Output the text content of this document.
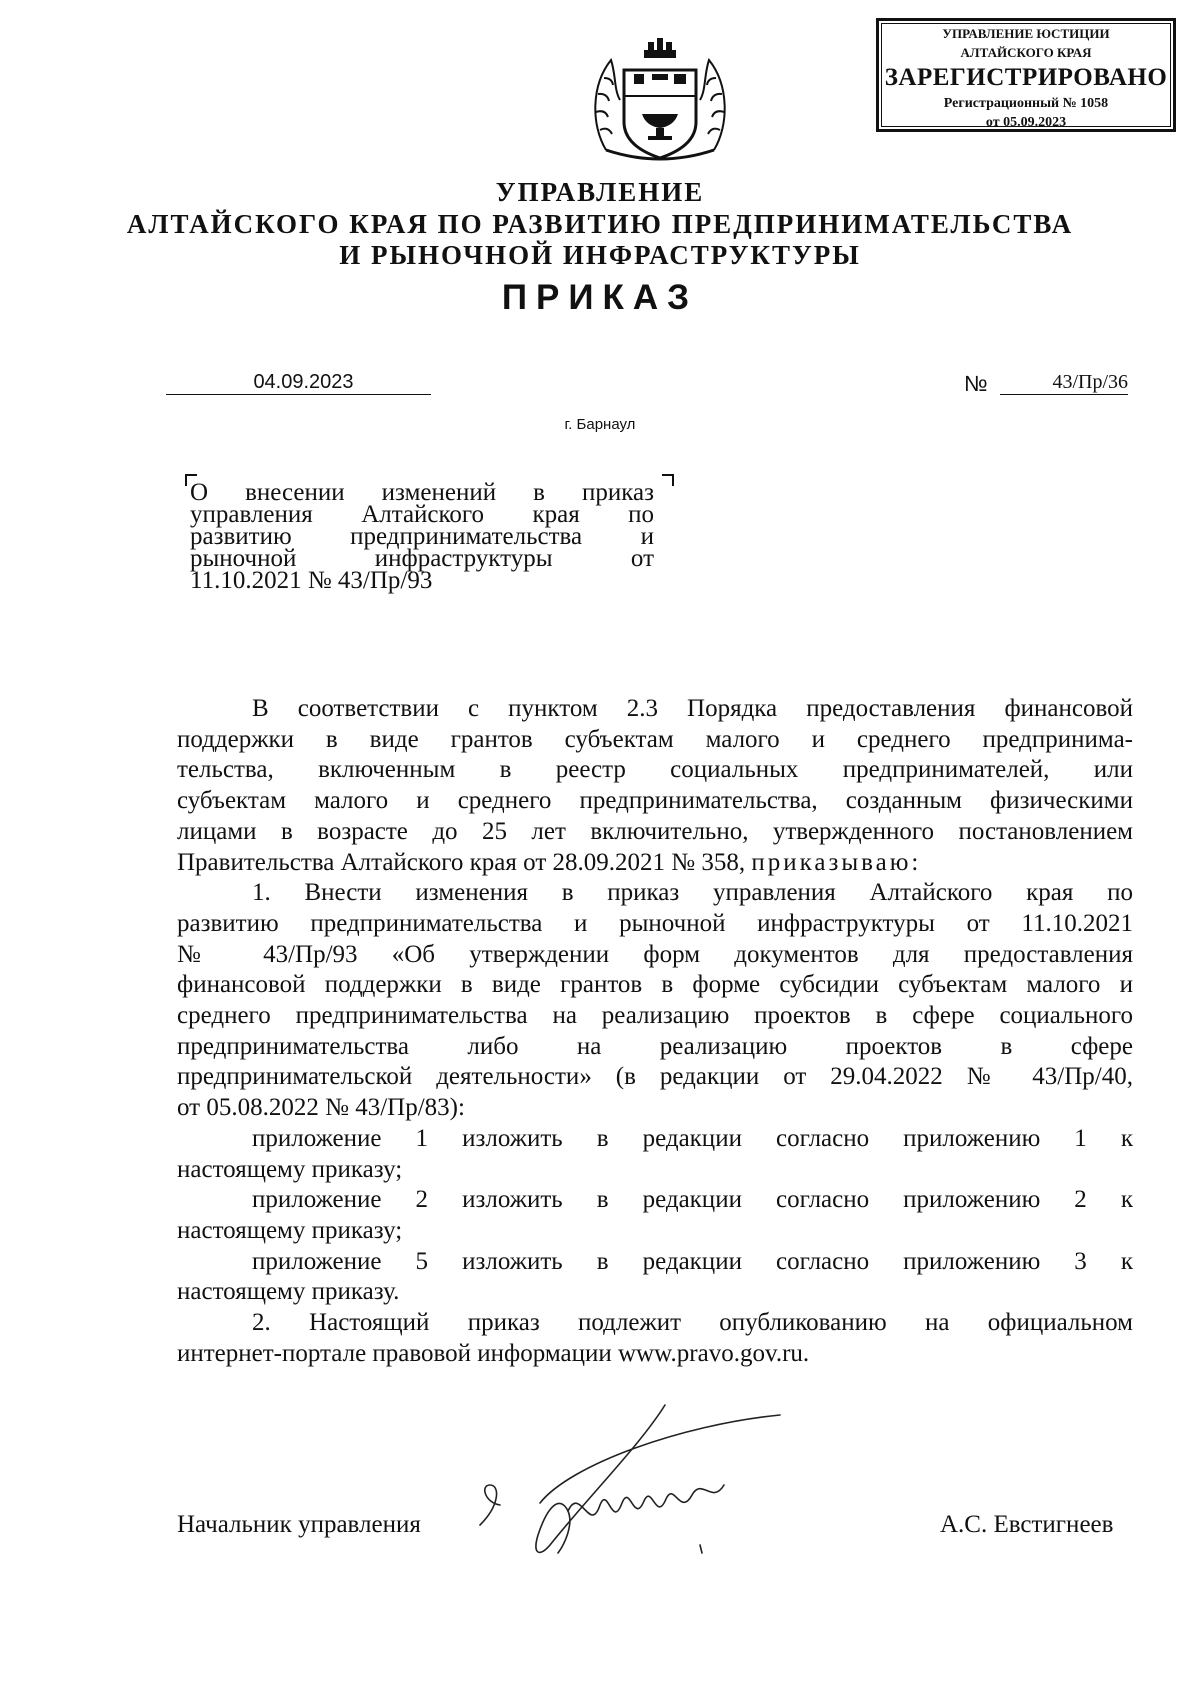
УПРАВЛЕНИЕ ЮСТИЦИИ
АЛТАЙСКОГО КРАЯ
ЗАРЕГИСТРИРОВАНО
Регистрационный № 1058
от 05.09.2023
УПРАВЛЕНИЕ
АЛТАЙСКОГО КРАЯ ПО РАЗВИТИЮ ПРЕДПРИНИМАТЕЛЬСТВА
И РЫНОЧНОЙ ИНФРАСТРУКТУРЫ
ПРИКАЗ
04.09.2023	№	43/Пр/36
г. Барнаул
О внесении изменений в приказ
управления Алтайского края по
развитию предпринимательства и
рыночной инфраструктуры от
11.10.2021 № 43/Пр/93
В соответствии с пунктом 2.3 Порядка предоставления финансовой
поддержки в виде грантов субъектам малого и среднего предпринима-
тельства, включенным в реестр социальных предпринимателей, или
субъектам малого и среднего предпринимательства, созданным физическими
лицами в возрасте до 25 лет включительно, утвержденного постановлением
Правительства Алтайского края от 28.09.2021 № 358, приказываю:
1. Внести изменения в приказ управления Алтайского края по
развитию предпринимательства и рыночной инфраструктуры от 11.10.2021
№ 43/Пр/93 «Об утверждении форм документов для предоставления
финансовой поддержки в виде грантов в форме субсидии субъектам малого и
среднего предпринимательства на реализацию проектов в сфере социального
предпринимательства либо на реализацию проектов в сфере
предпринимательской деятельности» (в редакции от 29.04.2022 № 43/Пр/40,
от 05.08.2022 № 43/Пр/83):
приложение 1 изложить в редакции согласно приложению 1 к
настоящему приказу;
приложение 2 изложить в редакции согласно приложению 2 к
настоящему приказу;
приложение 5 изложить в редакции согласно приложению 3 к
настоящему приказу.
2. Настоящий приказ подлежит опубликованию на официальном
интернет-портале правовой информации www.pravo.gov.ru.
Начальник управления	А.С. Евстигнеев
